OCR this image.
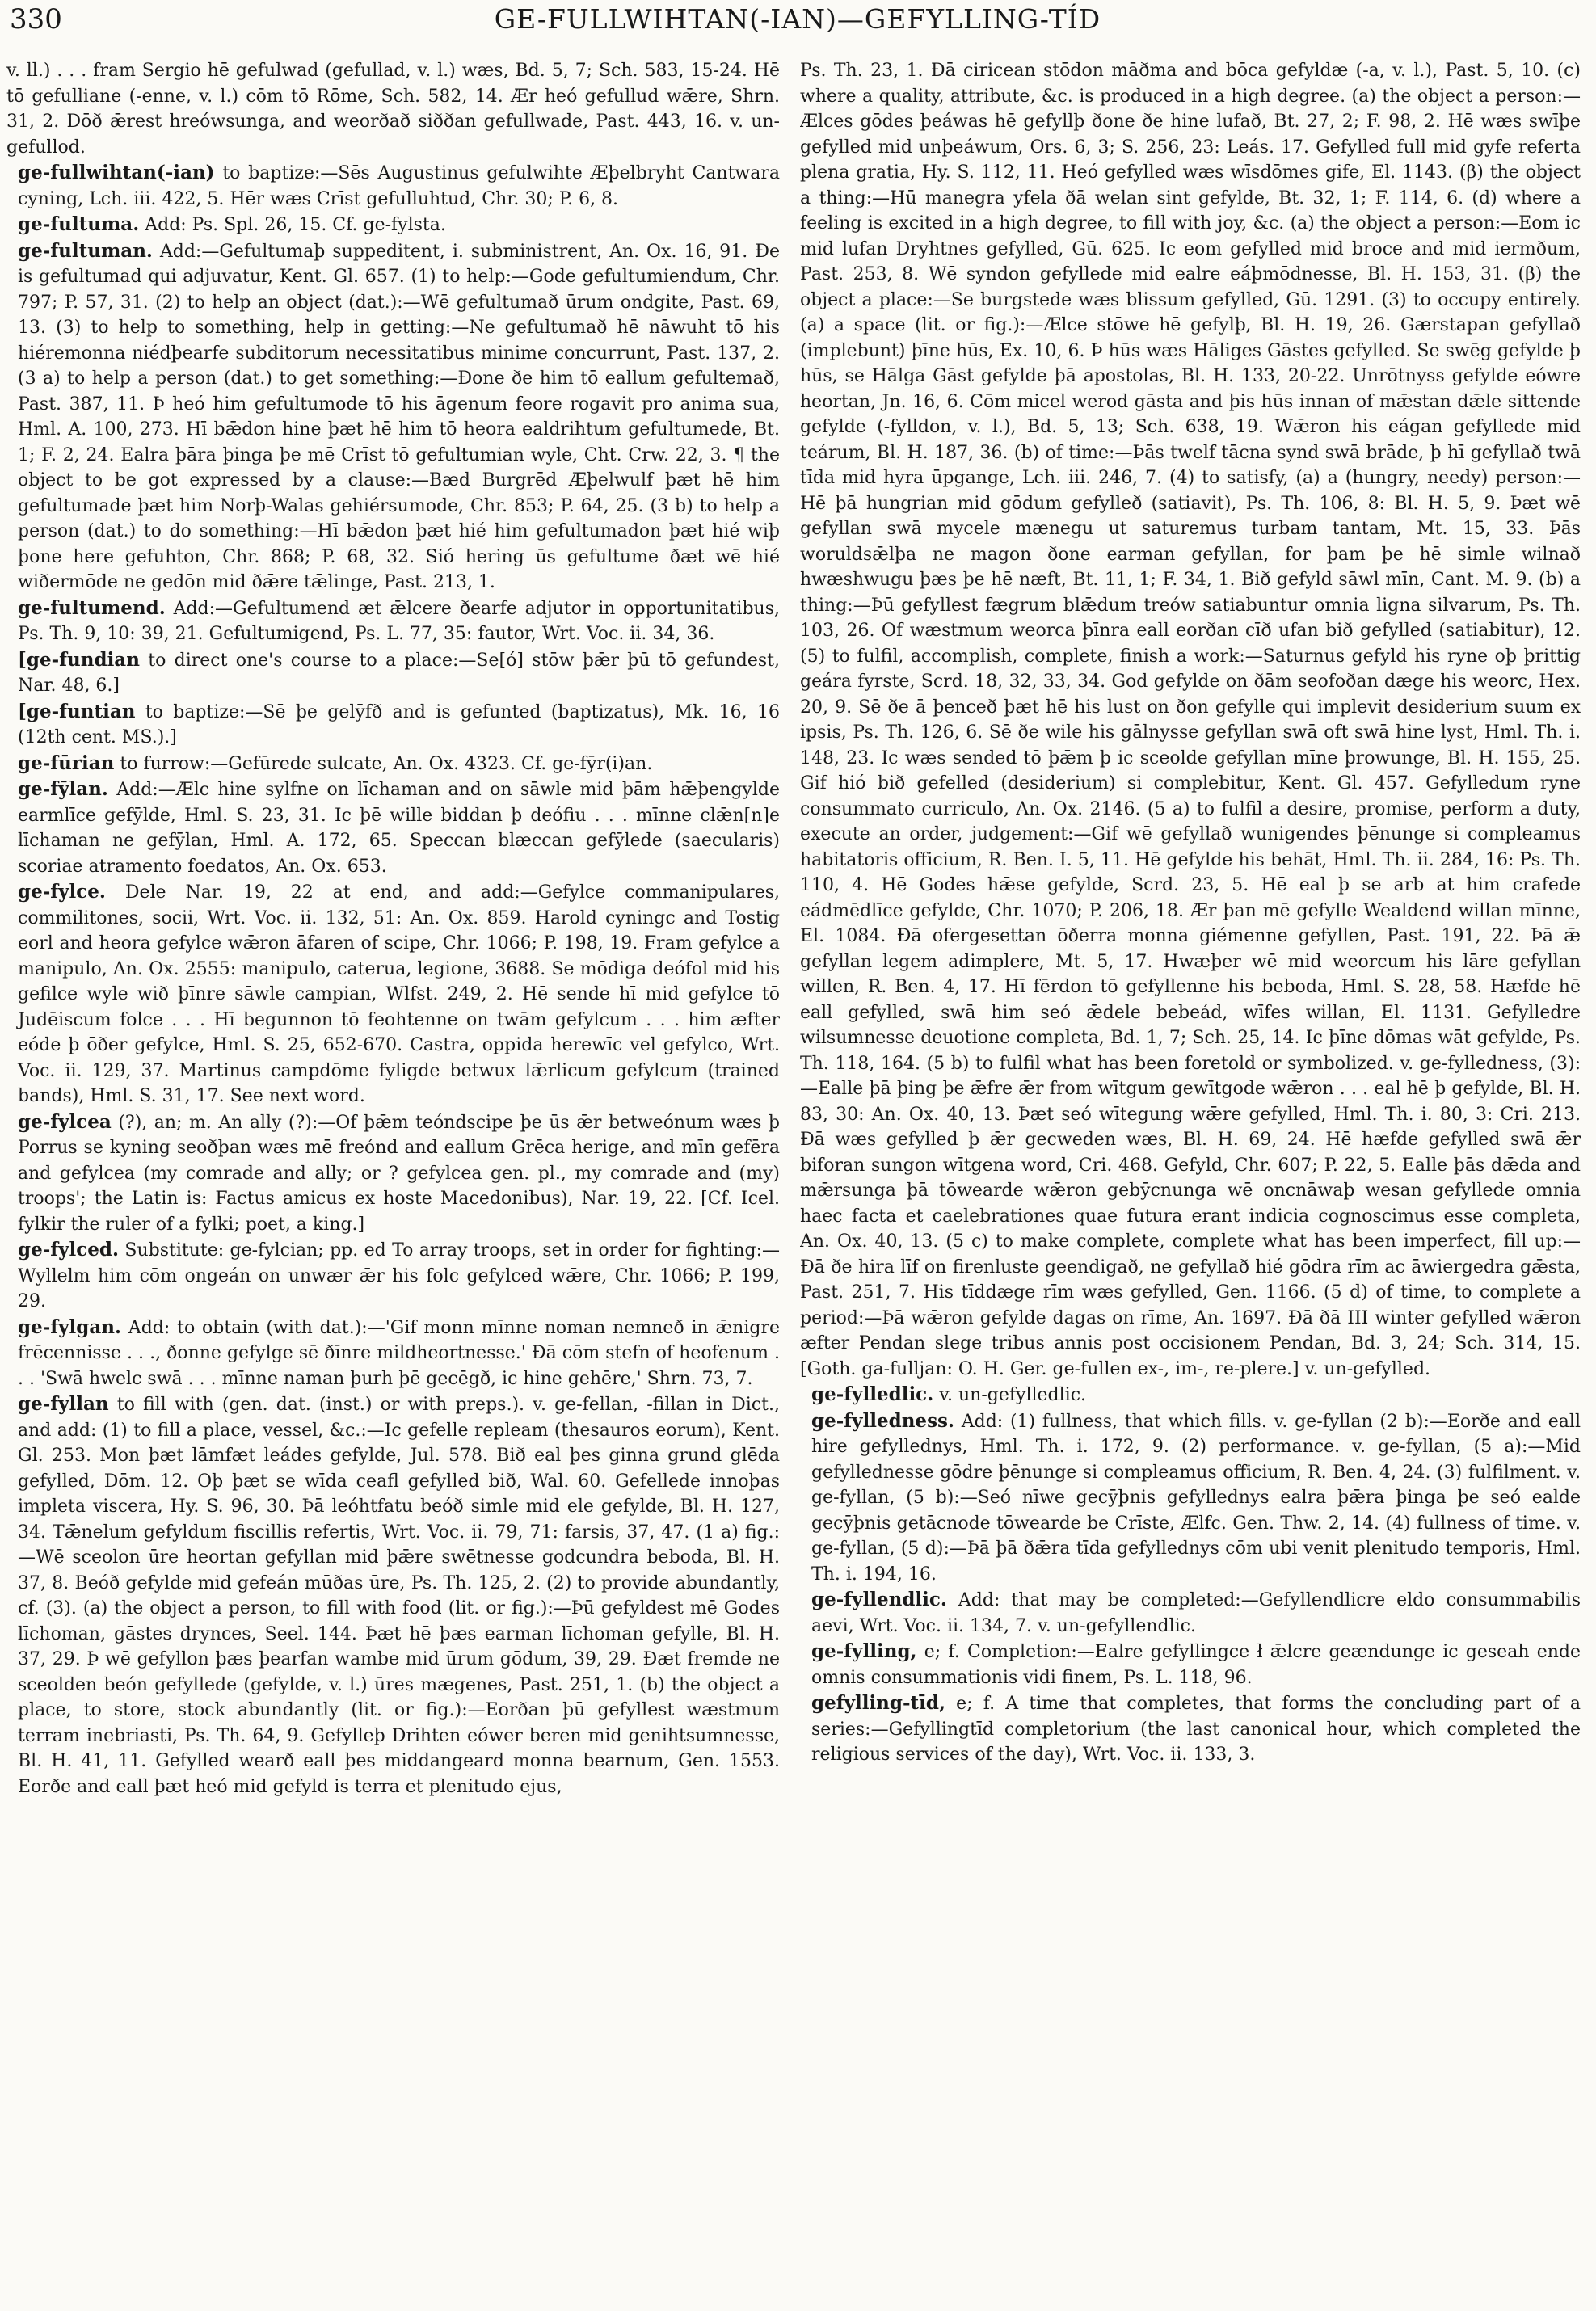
330	GE-FULLWIHTAN(-IAN)—GEFYLLING-TÍD

v. ll.) . . . fram Sergio hē gefulwad (gefullad, v. l.) wæs, Bd. 5, 7; Sch. 583, 15-24. Hē tō gefulliane (-enne, v. l.) cōm tō Rōme, Sch. 582, 14. Ær heó gefullud wǣre, Shrn. 31, 2. Dōð ǣrest hreówsunga, and weorðað siððan gefullwade, Past. 443, 16. v. un-gefullod.

ge-fullwihtan(-ian) to baptize:—Sēs Augustinus gefulwihte Æþelbryht Cantwara cyning, Lch. iii. 422, 5. Hēr wæs Crīst gefulluhtud, Chr. 30; P. 6, 8.

ge-fultuma. Add: Ps. Spl. 26, 15. Cf. ge-fylsta.

ge-fultuman. Add:—Gefultumaþ suppeditent, i. subministrent, An. Ox. 16, 91. Ðe is gefultumad qui adjuvatur, Kent. Gl. 657. (1) to help:—Gode gefultumiendum, Chr. 797; P. 57, 31. (2) to help an object (dat.):—Wē gefultumað ūrum ondgite, Past. 69, 13. (3) to help to something, help in getting:—Ne gefultumað hē nāwuht tō his hiéremonna niédþearfe subditorum necessitatibus minime concurrunt, Past. 137, 2. (3 a) to help a person (dat.) to get something:—Ðone ðe him tō eallum gefultemað, Past. 387, 11. Þ heó him gefultumode tō his āgenum feore rogavit pro anima sua, Hml. A. 100, 273. Hī bǣdon hine þæt hē him tō heora ealdrihtum gefultumede, Bt. 1; F. 2, 24. Ealra þāra þinga þe mē Crīst tō gefultumian wyle, Cht. Crw. 22, 3. ¶ the object to be got expressed by a clause:—Bæd Burgrēd Æþelwulf þæt hē him gefultumade þæt him Norþ-Walas gehiérsumode, Chr. 853; P. 64, 25. (3 b) to help a person (dat.) to do something:—Hī bǣdon þæt hié him gefultumadon þæt hié wiþ þone here gefuhton, Chr. 868; P. 68, 32. Sió hering ūs gefultume ðæt wē hié wiðermōde ne gedōn mid ðǣre tǣlinge, Past. 213, 1.

ge-fultumend. Add:—Gefultumend æt ǣlcere ðearfe adjutor in opportunitatibus, Ps. Th. 9, 10: 39, 21. Gefultumigend, Ps. L. 77, 35: fautor, Wrt. Voc. ii. 34, 36.

[ge-fundian to direct one's course to a place:—Se[ó] stōw þǣr þū tō gefundest, Nar. 48, 6.]

[ge-funtian to baptize:—Sē þe gelȳfð and is gefunted (baptizatus), Mk. 16, 16 (12th cent. MS.).]

ge-fūrian to furrow:—Gefūrede sulcate, An. Ox. 4323. Cf. ge-fȳr(i)an.

ge-fȳlan. Add:—Ælc hine sylfne on līchaman and on sāwle mid þām hǣþengylde earmlīce gefȳlde, Hml. S. 23, 31. Ic þē wille biddan þ deófiu . . . mīnne clǣn[n]e līchaman ne gefȳlan, Hml. A. 172, 65. Speccan blæccan gefȳlede (saecularis) scoriae atramento foedatos, An. Ox. 653.

ge-fylce. Dele Nar. 19, 22 at end, and add:—Gefylce commanipulares, commilitones, socii, Wrt. Voc. ii. 132, 51: An. Ox. 859. Harold cyningc and Tostig eorl and heora gefylce wǣron āfaren of scipe, Chr. 1066; P. 198, 19. Fram gefylce a manipulo, An. Ox. 2555: manipulo, caterua, legione, 3688. Se mōdiga deófol mid his gefilce wyle wið þīnre sāwle campian, Wlfst. 249, 2. Hē sende hī mid gefylce tō Judēiscum folce . . . Hī begunnon tō feohtenne on twām gefylcum . . . him æfter eóde þ ōðer gefylce, Hml. S. 25, 652-670. Castra, oppida herewīc vel gefylco, Wrt. Voc. ii. 129, 37. Martinus campdōme fyligde betwux lǣrlicum gefylcum (trained bands), Hml. S. 31, 17. See next word.

ge-fylcea (?), an; m. An ally (?):—Of þǣm teóndscipe þe ūs ǣr betweónum wæs þ Porrus se kyning seoðþan wæs mē freónd and eallum Grēca herige, and mīn gefēra and gefylcea (my comrade and ally; or ? gefylcea gen. pl., my comrade and (my) troops'; the Latin is: Factus amicus ex hoste Macedonibus), Nar. 19, 22. [Cf. Icel. fylkir the ruler of a fylki; poet, a king.]

ge-fylced. Substitute: ge-fylcian; pp. ed To array troops, set in order for fighting:—Wyllelm him cōm ongeán on unwær ǣr his folc gefylced wǣre, Chr. 1066; P. 199, 29.

ge-fylgan. Add: to obtain (with dat.):—'Gif monn mīnne noman nemneð in ǣnigre frēcennisse . . ., ðonne gefylge sē ðīnre mildheortnesse.' Ðā cōm stefn of heofenum . . . 'Swā hwelc swā . . . mīnne naman þurh þē gecēgð, ic hine gehēre,' Shrn. 73, 7.

ge-fyllan to fill with (gen. dat. (inst.) or with preps.). v. ge-fellan, -fillan in Dict., and add: (1) to fill a place, vessel, &c.:—Ic gefelle repleam (thesauros eorum), Kent. Gl. 253. Mon þæt lāmfæt leádes gefylde, Jul. 578. Bið eal þes ginna grund glēda gefylled, Dōm. 12. Oþ þæt se wīda ceafl gefylled bið, Wal. 60. Gefellede innoþas impleta viscera, Hy. S. 96, 30. Þā leóhtfatu beóð simle mid ele gefylde, Bl. H. 127, 34. Tǣnelum gefyldum fiscillis refertis, Wrt. Voc. ii. 79, 71: farsis, 37, 47. (1 a) fig.:—Wē sceolon ūre heortan gefyllan mid þǣre swētnesse godcundra beboda, Bl. H. 37, 8. Beóð gefylde mid gefeán mūðas ūre, Ps. Th. 125, 2. (2) to provide abundantly, cf. (3). (a) the object a person, to fill with food (lit. or fig.):—Þū gefyldest mē Godes līchoman, gāstes drynces, Seel. 144. Þæt hē þæs earman līchoman gefylle, Bl. H. 37, 29. Þ wē gefyllon þæs þearfan wambe mid ūrum gōdum, 39, 29. Ðæt fremde ne sceolden beón gefyllede (gefylde, v. l.) ūres mægenes, Past. 251, 1. (b) the object a place, to store, stock abundantly (lit. or fig.):—Eorðan þū gefyllest wæstmum terram inebriasti, Ps. Th. 64, 9. Gefylleþ Drihten eówer beren mid genihtsumnesse, Bl. H. 41, 11. Gefylled wearð eall þes middangeard monna bearnum, Gen. 1553. Eorðe and eall þæt heó mid gefyld is terra et plenitudo ejus,

Ps. Th. 23, 1. Ðā ciricean stōdon māðma and bōca gefyldæ (-a, v. l.), Past. 5, 10. (c) where a quality, attribute, &c. is produced in a high degree. (a) the object a person:—Ælces gōdes þeáwas hē gefyllþ ðone ðe hine lufað, Bt. 27, 2; F. 98, 2. Hē wæs swīþe gefylled mid unþeáwum, Ors. 6, 3; S. 256, 23: Leás. 17. Gefylled full mid gyfe referta plena gratia, Hy. S. 112, 11. Heó gefylled wæs wīsdōmes gife, El. 1143. (β) the object a thing:—Hū manegra yfela ðā welan sint gefylde, Bt. 32, 1; F. 114, 6. (d) where a feeling is excited in a high degree, to fill with joy, &c. (a) the object a person:—Eom ic mid lufan Dryhtnes gefylled, Gū. 625. Ic eom gefylled mid broce and mid iermðum, Past. 253, 8. Wē syndon gefyllede mid ealre eáþmōdnesse, Bl. H. 153, 31. (β) the object a place:—Se burgstede wæs blissum gefylled, Gū. 1291. (3) to occupy entirely. (a) a space (lit. or fig.):—Ælce stōwe hē gefylþ, Bl. H. 19, 26. Gærstapan gefyllað (implebunt) þīne hūs, Ex. 10, 6. Þ hūs wæs Hāliges Gāstes gefylled. Se swēg gefylde þ hūs, se Hālga Gāst gefylde þā apostolas, Bl. H. 133, 20-22. Unrōtnyss gefylde eówre heortan, Jn. 16, 6. Cōm micel werod gāsta and þis hūs innan of mǣstan dǣle sittende gefylde (-fylldon, v. l.), Bd. 5, 13; Sch. 638, 19. Wǣron his eágan gefyllede mid teárum, Bl. H. 187, 36. (b) of time:—Þās twelf tācna synd swā brāde, þ hī gefyllað twā tīda mid hyra ūpgange, Lch. iii. 246, 7. (4) to satisfy, (a) a (hungry, needy) person:—Hē þā hungrian mid gōdum gefylleð (satiavit), Ps. Th. 106, 8: Bl. H. 5, 9. Þæt wē gefyllan swā mycele mænegu ut saturemus turbam tantam, Mt. 15, 33. Þās woruldsǣlþa ne magon ðone earman gefyllan, for þam þe hē simle wilnað hwæshwugu þæs þe hē næft, Bt. 11, 1; F. 34, 1. Bið gefyld sāwl mīn, Cant. M. 9. (b) a thing:—Þū gefyllest fægrum blǣdum treów satiabuntur omnia ligna silvarum, Ps. Th. 103, 26. Of wæstmum weorca þīnra eall eorðan cīð ufan bið gefylled (satiabitur), 12. (5) to fulfil, accomplish, complete, finish a work:—Saturnus gefyld his ryne oþ þrittig geára fyrste, Scrd. 18, 32, 33, 34. God gefylde on ðām seofoðan dæge his weorc, Hex. 20, 9. Sē ðe ā þenceð þæt hē his lust on ðon gefylle qui implevit desiderium suum ex ipsis, Ps. Th. 126, 6. Sē ðe wile his gālnysse gefyllan swā oft swā hine lyst, Hml. Th. i. 148, 23. Ic wæs sended tō þǣm þ ic sceolde gefyllan mīne þrowunge, Bl. H. 155, 25. Gif hió bið gefelled (desiderium) si complebitur, Kent. Gl. 457. Gefylledum ryne consummato curriculo, An. Ox. 2146. (5 a) to fulfil a desire, promise, perform a duty, execute an order, judgement:—Gif wē gefyllað wunigendes þēnunge si compleamus habitatoris officium, R. Ben. I. 5, 11. Hē gefylde his behāt, Hml. Th. ii. 284, 16: Ps. Th. 110, 4. Hē Godes hǣse gefylde, Scrd. 23, 5. Hē eal þ se arb at him crafede eádmēdlīce gefylde, Chr. 1070; P. 206, 18. Ær þan mē gefylle Wealdend willan mīnne, El. 1084. Ðā ofergesettan ōðerra monna giémenne gefyllen, Past. 191, 22. Þā ǣ gefyllan legem adimplere, Mt. 5, 17. Hwæþer wē mid weorcum his lāre gefyllan willen, R. Ben. 4, 17. Hī fērdon tō gefyllenne his beboda, Hml. S. 28, 58. Hæfde hē eall gefylled, swā him seó ǣdele bebeád, wīfes willan, El. 1131. Gefylledre wilsumnesse deuotione completa, Bd. 1, 7; Sch. 25, 14. Ic þīne dōmas wāt gefylde, Ps. Th. 118, 164. (5 b) to fulfil what has been foretold or symbolized. v. ge-fylledness, (3):—Ealle þā þing þe ǣfre ǣr from wītgum gewītgode wǣron . . . eal hē þ gefylde, Bl. H. 83, 30: An. Ox. 40, 13. Þæt seó wītegung wǣre gefylled, Hml. Th. i. 80, 3: Cri. 213. Ðā wæs gefylled þ ǣr gecweden wæs, Bl. H. 69, 24. Hē hæfde gefylled swā ǣr biforan sungon wītgena word, Cri. 468. Gefyld, Chr. 607; P. 22, 5. Ealle þās dǣda and mǣrsunga þā tōwearde wǣron gebȳcnunga wē oncnāwaþ wesan gefyllede omnia haec facta et caelebrationes quae futura erant indicia cognoscimus esse completa, An. Ox. 40, 13. (5 c) to make complete, complete what has been imperfect, fill up:—Ðā ðe hira līf on firenluste geendigað, ne gefyllað hié gōdra rīm ac āwiergedra gǣsta, Past. 251, 7. His tīddæge rīm wæs gefylled, Gen. 1166. (5 d) of time, to complete a period:—Þā wǣron gefylde dagas on rīme, An. 1697. Ðā ðā III winter gefylled wǣron æfter Pendan slege tribus annis post occisionem Pendan, Bd. 3, 24; Sch. 314, 15. [Goth. ga-fulljan: O. H. Ger. ge-fullen ex-, im-, re-plere.] v. un-gefylled.

ge-fylledlic. v. un-gefylledlic.

ge-fylledness. Add: (1) fullness, that which fills. v. ge-fyllan (2 b):—Eorðe and eall hire gefyllednys, Hml. Th. i. 172, 9. (2) performance. v. ge-fyllan, (5 a):—Mid gefyllednesse gōdre þēnunge si compleamus officium, R. Ben. 4, 24. (3) fulfilment. v. ge-fyllan, (5 b):—Seó nīwe gecȳþnis gefyllednys ealra þǣra þinga þe seó ealde gecȳþnis getācnode tōwearde be Crīste, Ælfc. Gen. Thw. 2, 14. (4) fullness of time. v. ge-fyllan, (5 d):—Þā þā ðǣra tīda gefyllednys cōm ubi venit plenitudo temporis, Hml. Th. i. 194, 16.

ge-fyllendlic. Add: that may be completed:—Gefyllendlicre eldo consummabilis aevi, Wrt. Voc. ii. 134, 7. v. un-gefyllendlic.

ge-fylling, e; f. Completion:—Ealre gefyllingce ł ǣlcre geændunge ic geseah ende omnis consummationis vidi finem, Ps. L. 118, 96.

gefylling-tīd, e; f. A time that completes, that forms the concluding part of a series:—Gefyllingtīd completorium (the last canonical hour, which completed the religious services of the day), Wrt. Voc. ii. 133, 3.
